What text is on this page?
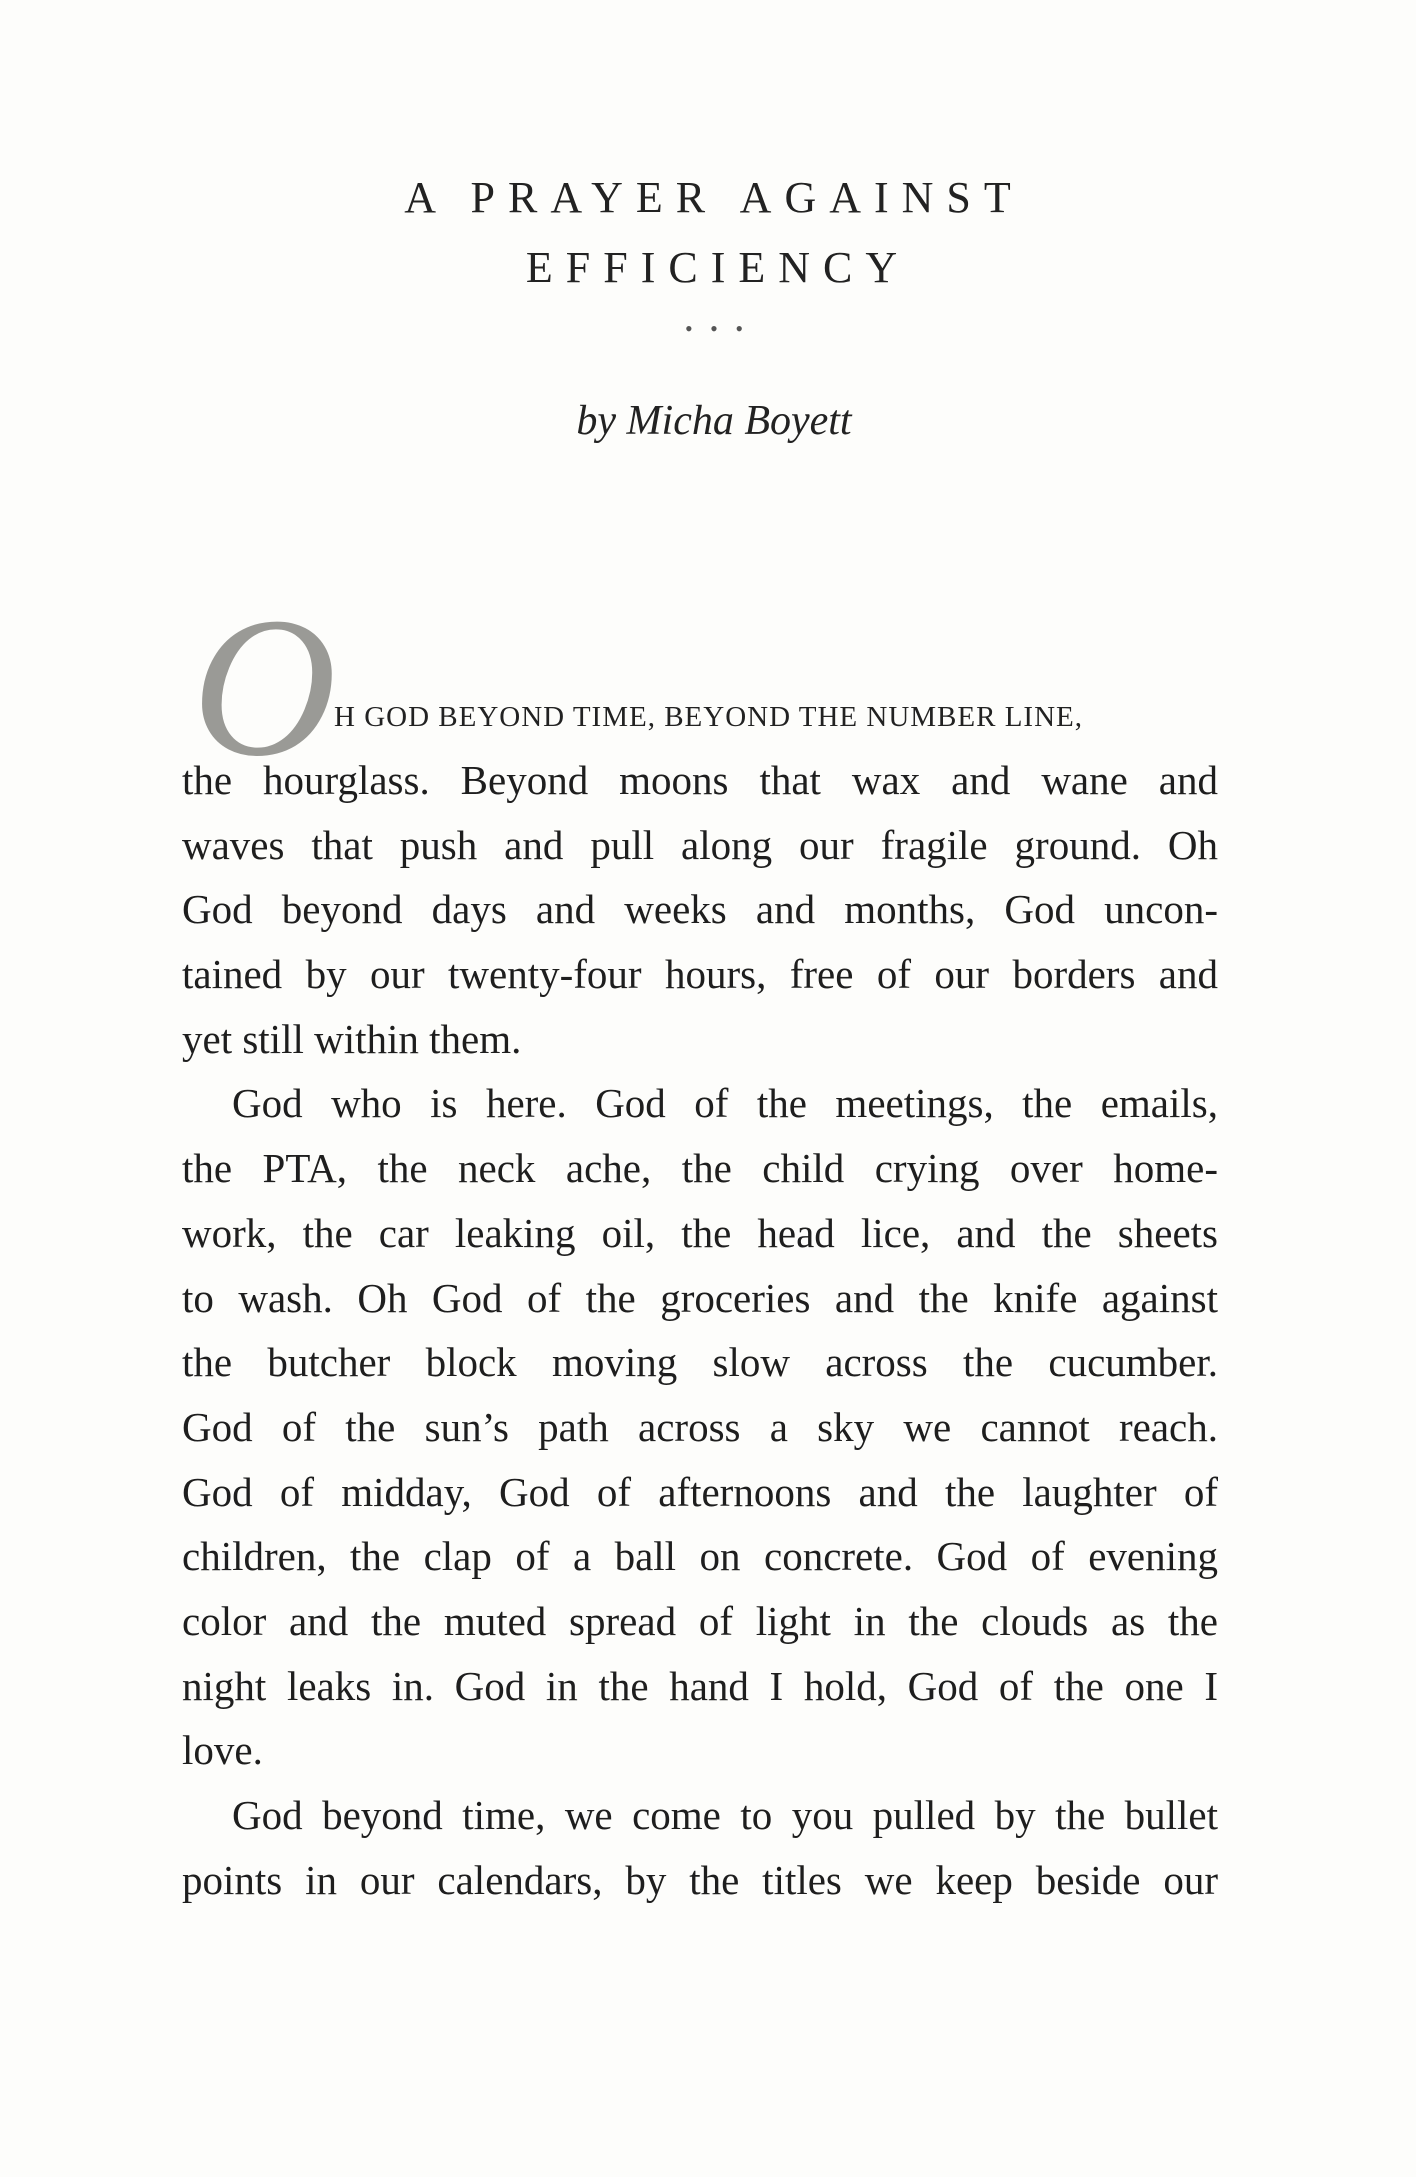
A PRAYER AGAINST
EFFICIENCY
• • •
by Micha Boyett
O
H GOD BEYOND TIME, BEYOND THE NUMBER LINE,
the hourglass. Beyond moons that wax and wane and
waves that push and pull along our fragile ground. Oh
God beyond days and weeks and months, God uncon-
tained by our twenty-four hours, free of our borders and
yet still within them.
God who is here. God of the meetings, the emails,
the PTA, the neck ache, the child crying over home-
work, the car leaking oil, the head lice, and the sheets
to wash. Oh God of the groceries and the knife against
the butcher block moving slow across the cucumber.
God of the sun’s path across a sky we cannot reach.
God of midday, God of afternoons and the laughter of
children, the clap of a ball on concrete. God of evening
color and the muted spread of light in the clouds as the
night leaks in. God in the hand I hold, God of the one I
love.
God beyond time, we come to you pulled by the bullet
points in our calendars, by the titles we keep beside our
